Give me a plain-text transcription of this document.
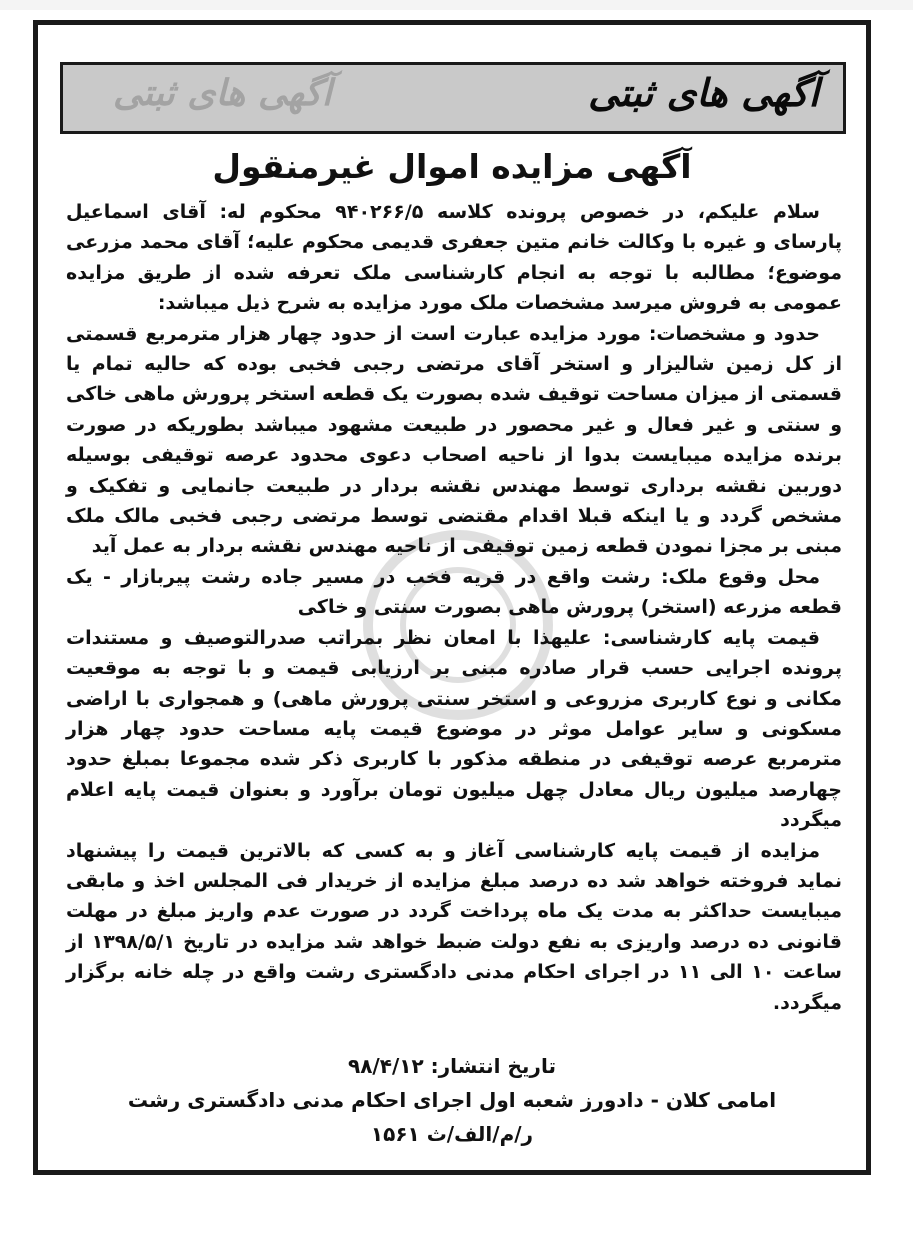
آگهی های ثبتی	آگهی های ثبتی
آگهی مزایده اموال غیرمنقول

سلام علیکم، در خصوص پرونده کلاسه ۹۴۰۲۶۶/۵ محکوم له: آقای اسماعیل پارسای و غیره با وکالت خانم متین جعفری قدیمی محکوم علیه؛ آقای محمد مزرعی موضوع؛ مطالبه با توجه به انجام کارشناسی ملک تعرفه شده از طریق مزایده عمومی به فروش میرسد مشخصات ملک مورد مزایده به شرح ذیل میباشد:

حدود و مشخصات: مورد مزایده عبارت است از حدود چهار هزار مترمربع قسمتی از کل زمین شالیزار و استخر آقای مرتضی رجبی فخبی بوده که حالیه تمام یا قسمتی از میزان مساحت توقیف شده بصورت یک قطعه استخر پرورش ماهی خاکی و سنتی و غیر فعال و غیر محصور در طبیعت مشهود میباشد بطوریکه در صورت برنده مزایده میبایست بدوا از ناحیه اصحاب دعوی محدود عرصه توقیفی بوسیله دوربین نقشه برداری توسط مهندس نقشه بردار در طبیعت جانمایی و تفکیک و مشخص گردد و یا اینکه قبلا اقدام مقتضی توسط مرتضی رجبی فخبی مالک ملک مبنی بر مجزا نمودن قطعه زمین توقیفی از ناحیه مهندس نقشه بردار به عمل آید

محل وقوع ملک: رشت واقع در قریه فخب در مسیر جاده رشت پیربازار - یک قطعه مزرعه (استخر) پرورش ماهی بصورت سنتی و خاکی

قیمت پایه کارشناسی: علیهذا با امعان نظر بمراتب صدرالتوصیف و مستندات پرونده اجرایی حسب قرار صادره مبنی بر ارزیابی قیمت و با توجه به موقعیت مکانی و نوع کاربری مزروعی و استخر سنتی پرورش ماهی) و همجواری با اراضی مسکونی و سایر عوامل موثر در موضوع قیمت پایه مساحت حدود چهار هزار مترمربع عرصه توقیفی در منطقه مذکور با کاربری ذکر شده مجموعا بمبلغ حدود چهارصد میلیون ریال معادل چهل میلیون تومان برآورد و بعنوان قیمت پایه اعلام میگردد

مزایده از قیمت پایه کارشناسی آغاز و به کسی که بالاترین قیمت را پیشنهاد نماید فروخته خواهد شد ده درصد مبلغ مزایده از خریدار فی المجلس اخذ و مابقی میبایست حداکثر به مدت یک ماه پرداخت گردد در صورت عدم واریز مبلغ در مهلت قانونی ده درصد واریزی به نفع دولت ضبط خواهد شد مزایده در تاریخ ۱۳۹۸/۵/۱ از ساعت ۱۰ الی ۱۱ در اجرای احکام مدنی دادگستری رشت واقع در چله خانه برگزار میگردد.

تاریخ انتشار: ۹۸/۴/۱۲
امامی کلان - دادورز شعبه اول اجرای احکام مدنی دادگستری رشت
ر/م/الف/ث ۱۵۶۱
